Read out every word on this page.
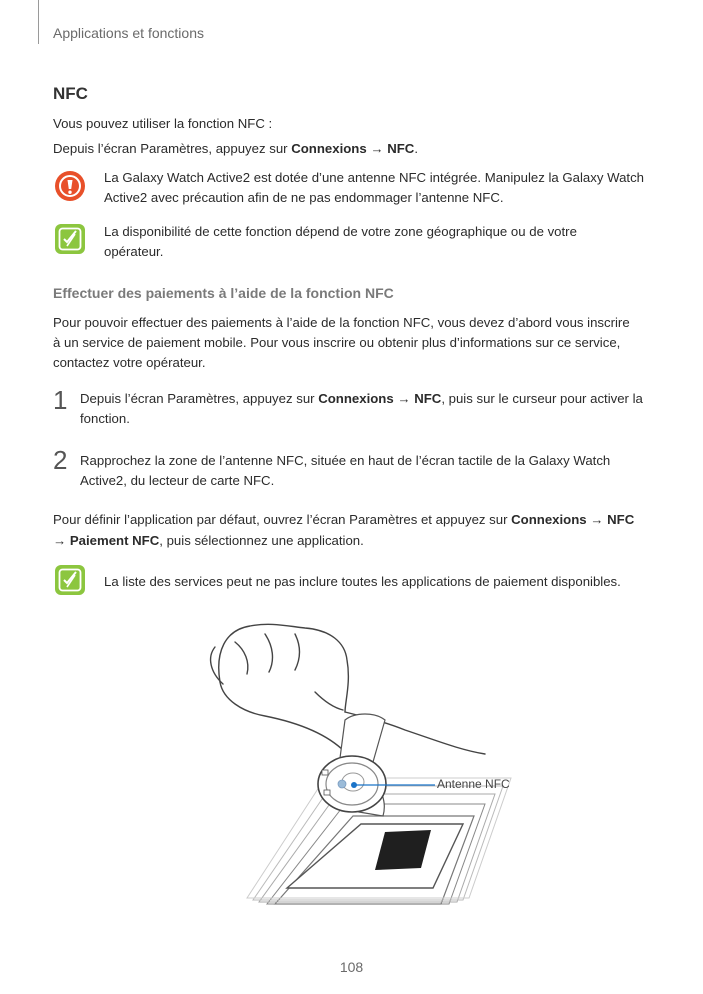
Applications et fonctions
NFC
Vous pouvez utiliser la fonction NFC :
Depuis l’écran Paramètres, appuyez sur Connexions → NFC.
La Galaxy Watch Active2 est dotée d’une antenne NFC intégrée. Manipulez la Galaxy Watch
Active2 avec précaution afin de ne pas endommager l’antenne NFC.
La disponibilité de cette fonction dépend de votre zone géographique ou de votre
opérateur.
Effectuer des paiements à l’aide de la fonction NFC
Pour pouvoir effectuer des paiements à l’aide de la fonction NFC, vous devez d’abord vous inscrire
à un service de paiement mobile. Pour vous inscrire ou obtenir plus d’informations sur ce service,
contactez votre opérateur.
1 Depuis l’écran Paramètres, appuyez sur Connexions → NFC, puis sur le curseur pour activer la
fonction.
2 Rapprochez la zone de l’antenne NFC, située en haut de l’écran tactile de la Galaxy Watch
Active2, du lecteur de carte NFC.
Pour définir l’application par défaut, ouvrez l’écran Paramètres et appuyez sur Connexions → NFC
→ Paiement NFC, puis sélectionnez une application.
La liste des services peut ne pas inclure toutes les applications de paiement disponibles.
Antenne NFC
108
